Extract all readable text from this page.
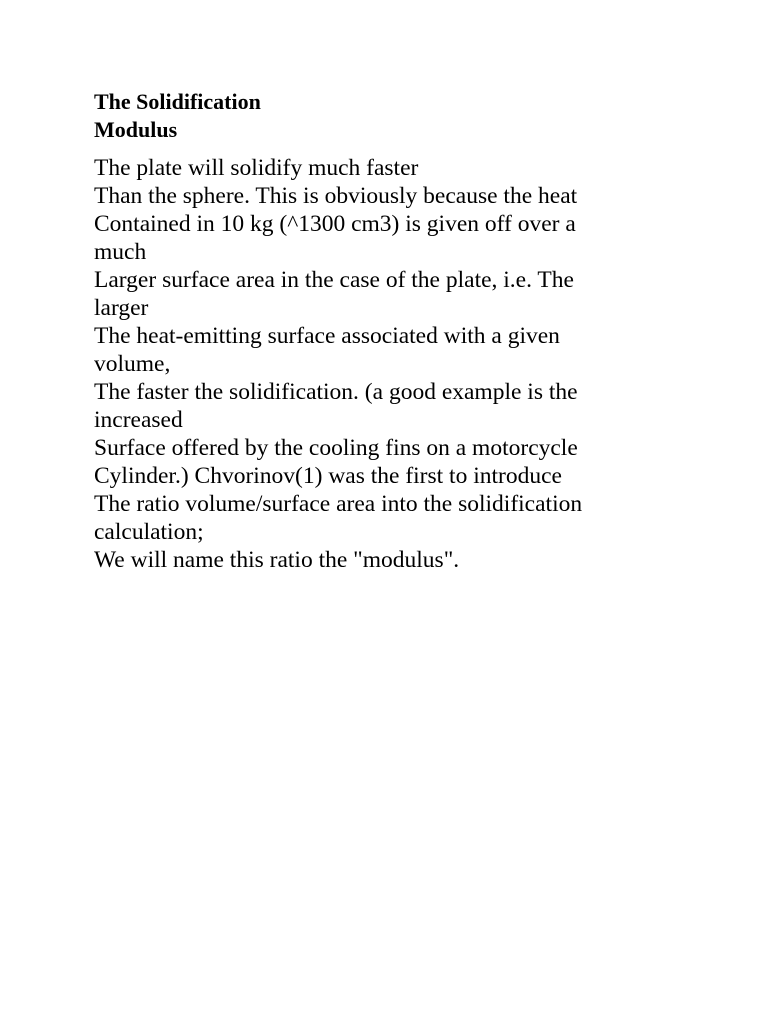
The Solidification
Modulus
The plate will solidify much faster
Than the sphere. This is obviously because the heat
Contained in 10 kg (^1300 cm3) is given off over a
much
Larger surface area in the case of the plate, i.e. The
larger
The heat-emitting surface associated with a given
volume,
The faster the solidification. (a good example is the
increased
Surface offered by the cooling fins on a motorcycle
Cylinder.) Chvorinov(1) was the first to introduce
The ratio volume/surface area into the solidification
calculation;
We will name this ratio the "modulus".
